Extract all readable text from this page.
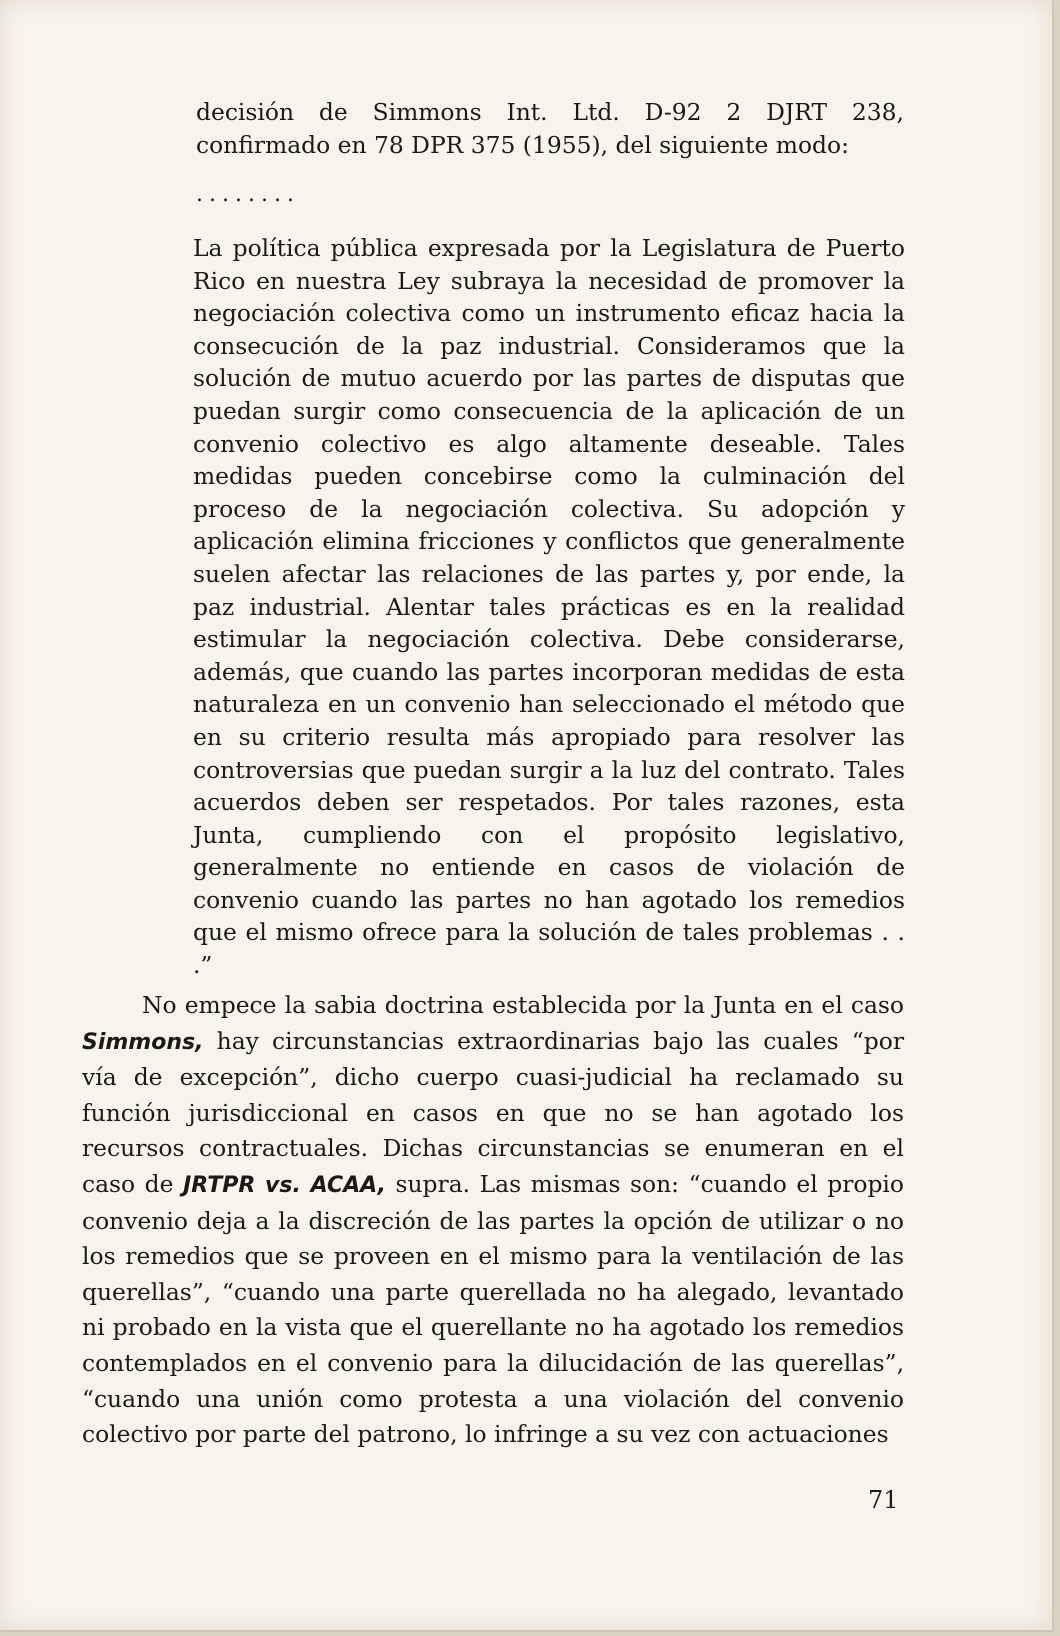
decisión de Simmons Int. Ltd. D-92 2 DJRT 238,
confirmado en 78 DPR 375 (1955), del siguiente modo:

........

La política pública expresada por la Legislatura de Puerto Rico en nuestra Ley subraya la necesidad de promover la negociación colectiva como un instrumento eficaz hacia la consecución de la paz industrial. Consideramos que la solución de mutuo acuerdo por las partes de disputas que puedan surgir como consecuencia de la aplicación de un convenio colectivo es algo altamente deseable. Tales medidas pueden concebirse como la culminación del proceso de la negociación colectiva. Su adopción y aplicación elimina fricciones y conflictos que generalmente suelen afectar las relaciones de las partes y, por ende, la paz industrial. Alentar tales prácticas es en la realidad estimular la negociación colectiva. Debe considerarse, además, que cuando las partes incorporan medidas de esta naturaleza en un convenio han seleccionado el método que en su criterio resulta más apropiado para resolver las controversias que puedan surgir a la luz del contrato. Tales acuerdos deben ser respetados. Por tales razones, esta Junta, cumpliendo con el propósito legislativo, generalmente no entiende en casos de violación de convenio cuando las partes no han agotado los remedios que el mismo ofrece para la solución de tales problemas . . .”

No empece la sabia doctrina establecida por la Junta en el caso Simmons, hay circunstancias extraordinarias bajo las cuales “por vía de excepción”, dicho cuerpo cuasi-judicial ha reclamado su función jurisdiccional en casos en que no se han agotado los recursos contractuales. Dichas circunstancias se enumeran en el caso de JRTPR vs. ACAA, supra. Las mismas son: “cuando el propio convenio deja a la discreción de las partes la opción de utilizar o no los remedios que se proveen en el mismo para la ventilación de las querellas”, “cuando una parte querellada no ha alegado, levantado ni probado en la vista que el querellante no ha agotado los remedios contemplados en el convenio para la dilucidación de las querellas”, “cuando una unión como protesta a una violación del convenio colectivo por parte del patrono, lo infringe a su vez con actuaciones

71
